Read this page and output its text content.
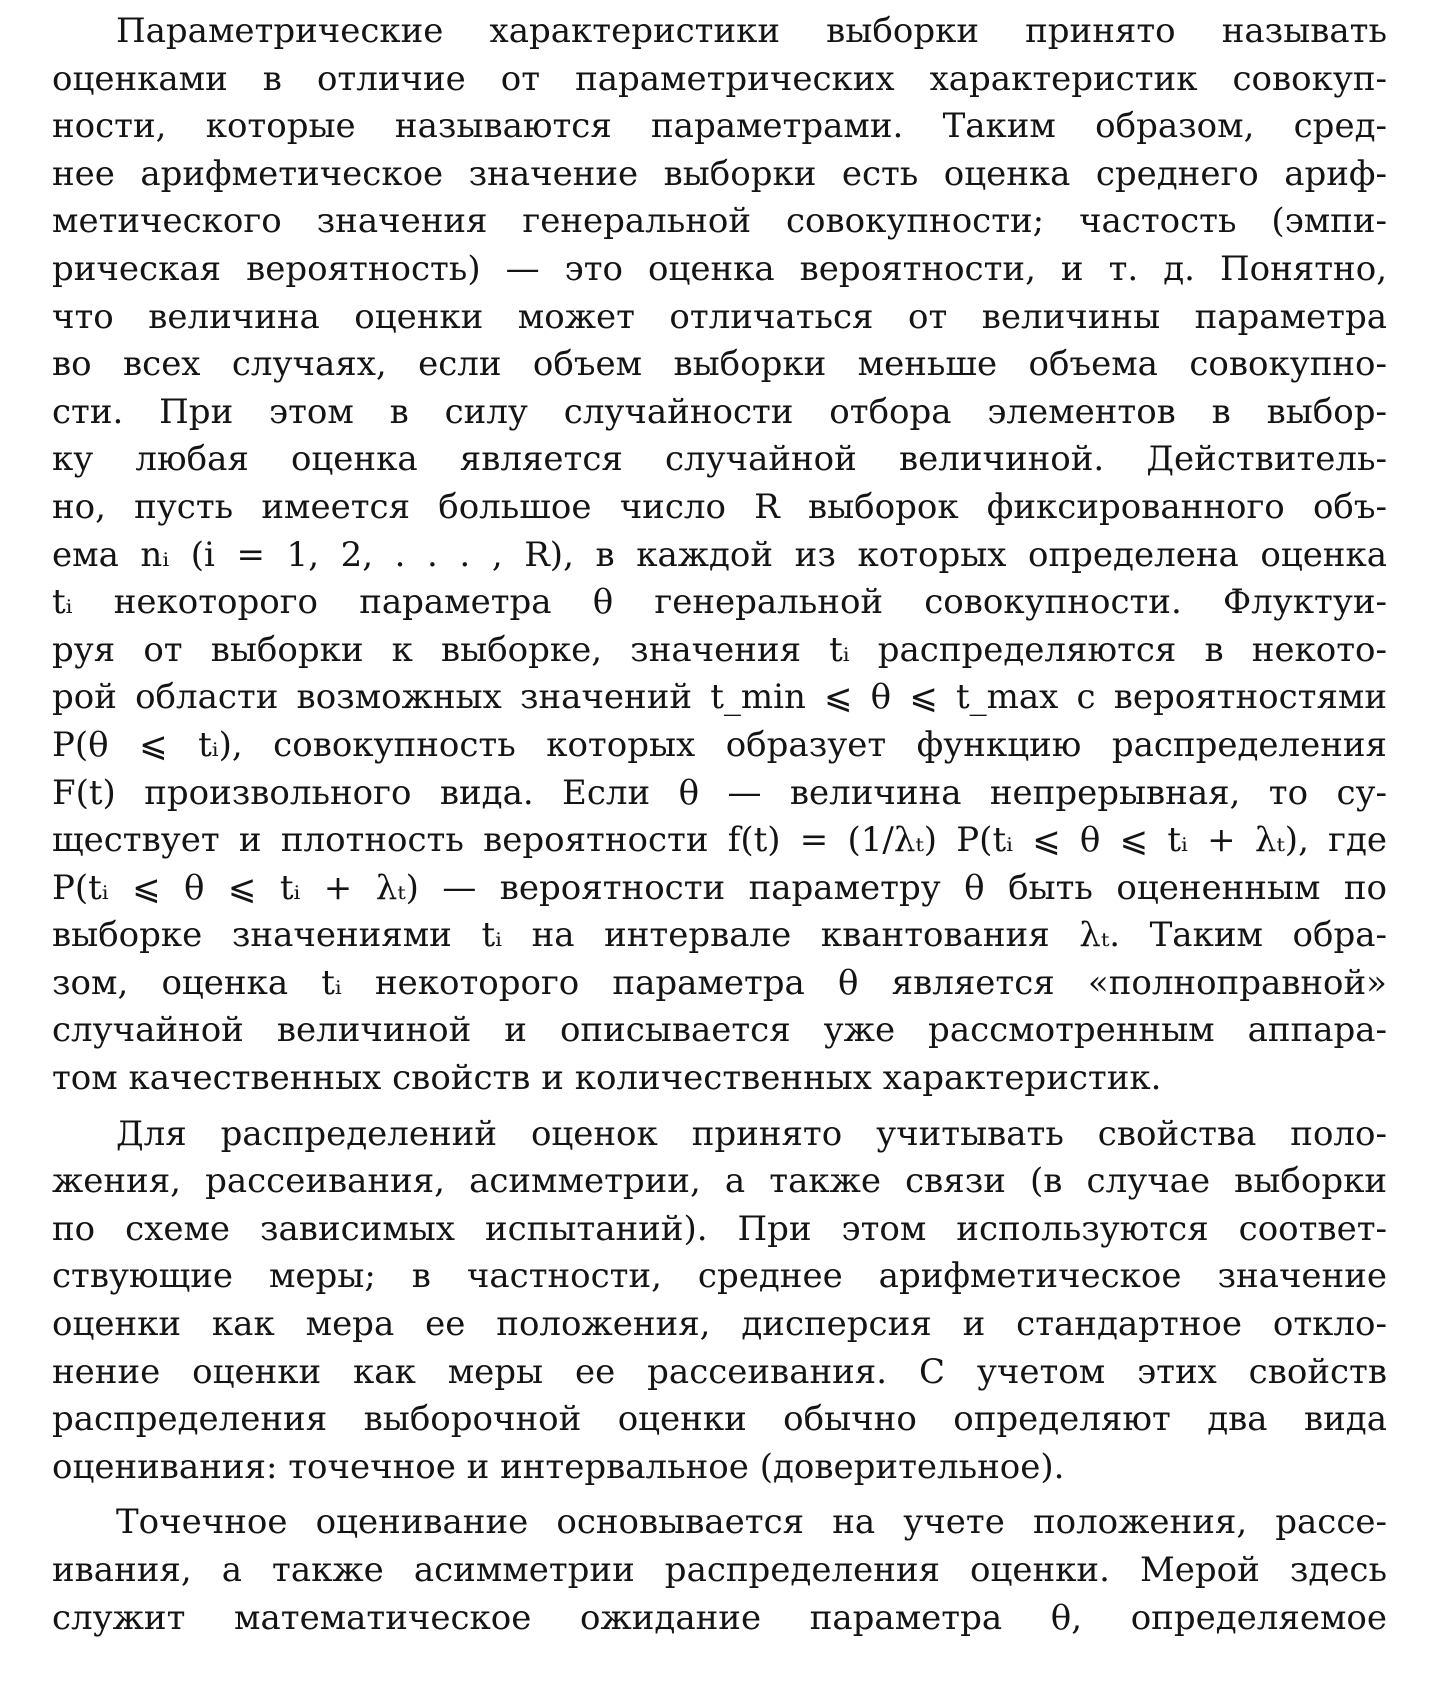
Параметрические характеристики выборки принято называть
оценками в отличие от параметрических характеристик совокуп-
ности, которые называются параметрами. Таким образом, сред-
нее арифметическое значение выборки есть оценка среднего ариф-
метического значения генеральной совокупности; частость (эмпи-
рическая вероятность) — это оценка вероятности, и т. д. Понятно,
что величина оценки может отличаться от величины параметра
во всех случаях, если объем выборки меньше объема совокупно-
сти. При этом в силу случайности отбора элементов в выбор-
ку любая оценка является случайной величиной. Действитель-
но, пусть имеется большое число R выборок фиксированного объ-
ема nᵢ (i = 1, 2, . . . , R), в каждой из которых определена оценка
tᵢ некоторого параметра θ генеральной совокупности. Флуктуи-
руя от выборки к выборке, значения tᵢ распределяются в некото-
рой области возможных значений t_min ⩽ θ ⩽ t_max с вероятностями
P(θ ⩽ tᵢ), совокупность которых образует функцию распределения
F(t) произвольного вида. Если θ — величина непрерывная, то су-
ществует и плотность вероятности f(t) = (1/λₜ) P(tᵢ ⩽ θ ⩽ tᵢ + λₜ), где
P(tᵢ ⩽ θ ⩽ tᵢ + λₜ) — вероятности параметру θ быть оцененным по
выборке значениями tᵢ на интервале квантования λₜ. Таким обра-
зом, оценка tᵢ некоторого параметра θ является «полноправной»
случайной величиной и описывается уже рассмотренным аппара-
том качественных свойств и количественных характеристик.
Для распределений оценок принято учитывать свойства поло-
жения, рассеивания, асимметрии, а также связи (в случае выборки
по схеме зависимых испытаний). При этом используются соответ-
ствующие меры; в частности, среднее арифметическое значение
оценки как мера ее положения, дисперсия и стандартное откло-
нение оценки как меры ее рассеивания. С учетом этих свойств
распределения выборочной оценки обычно определяют два вида
оценивания: точечное и интервальное (доверительное).
Точечное оценивание основывается на учете положения, рассе-
ивания, а также асимметрии распределения оценки. Мерой здесь
служит математическое ожидание параметра θ, определяемое
